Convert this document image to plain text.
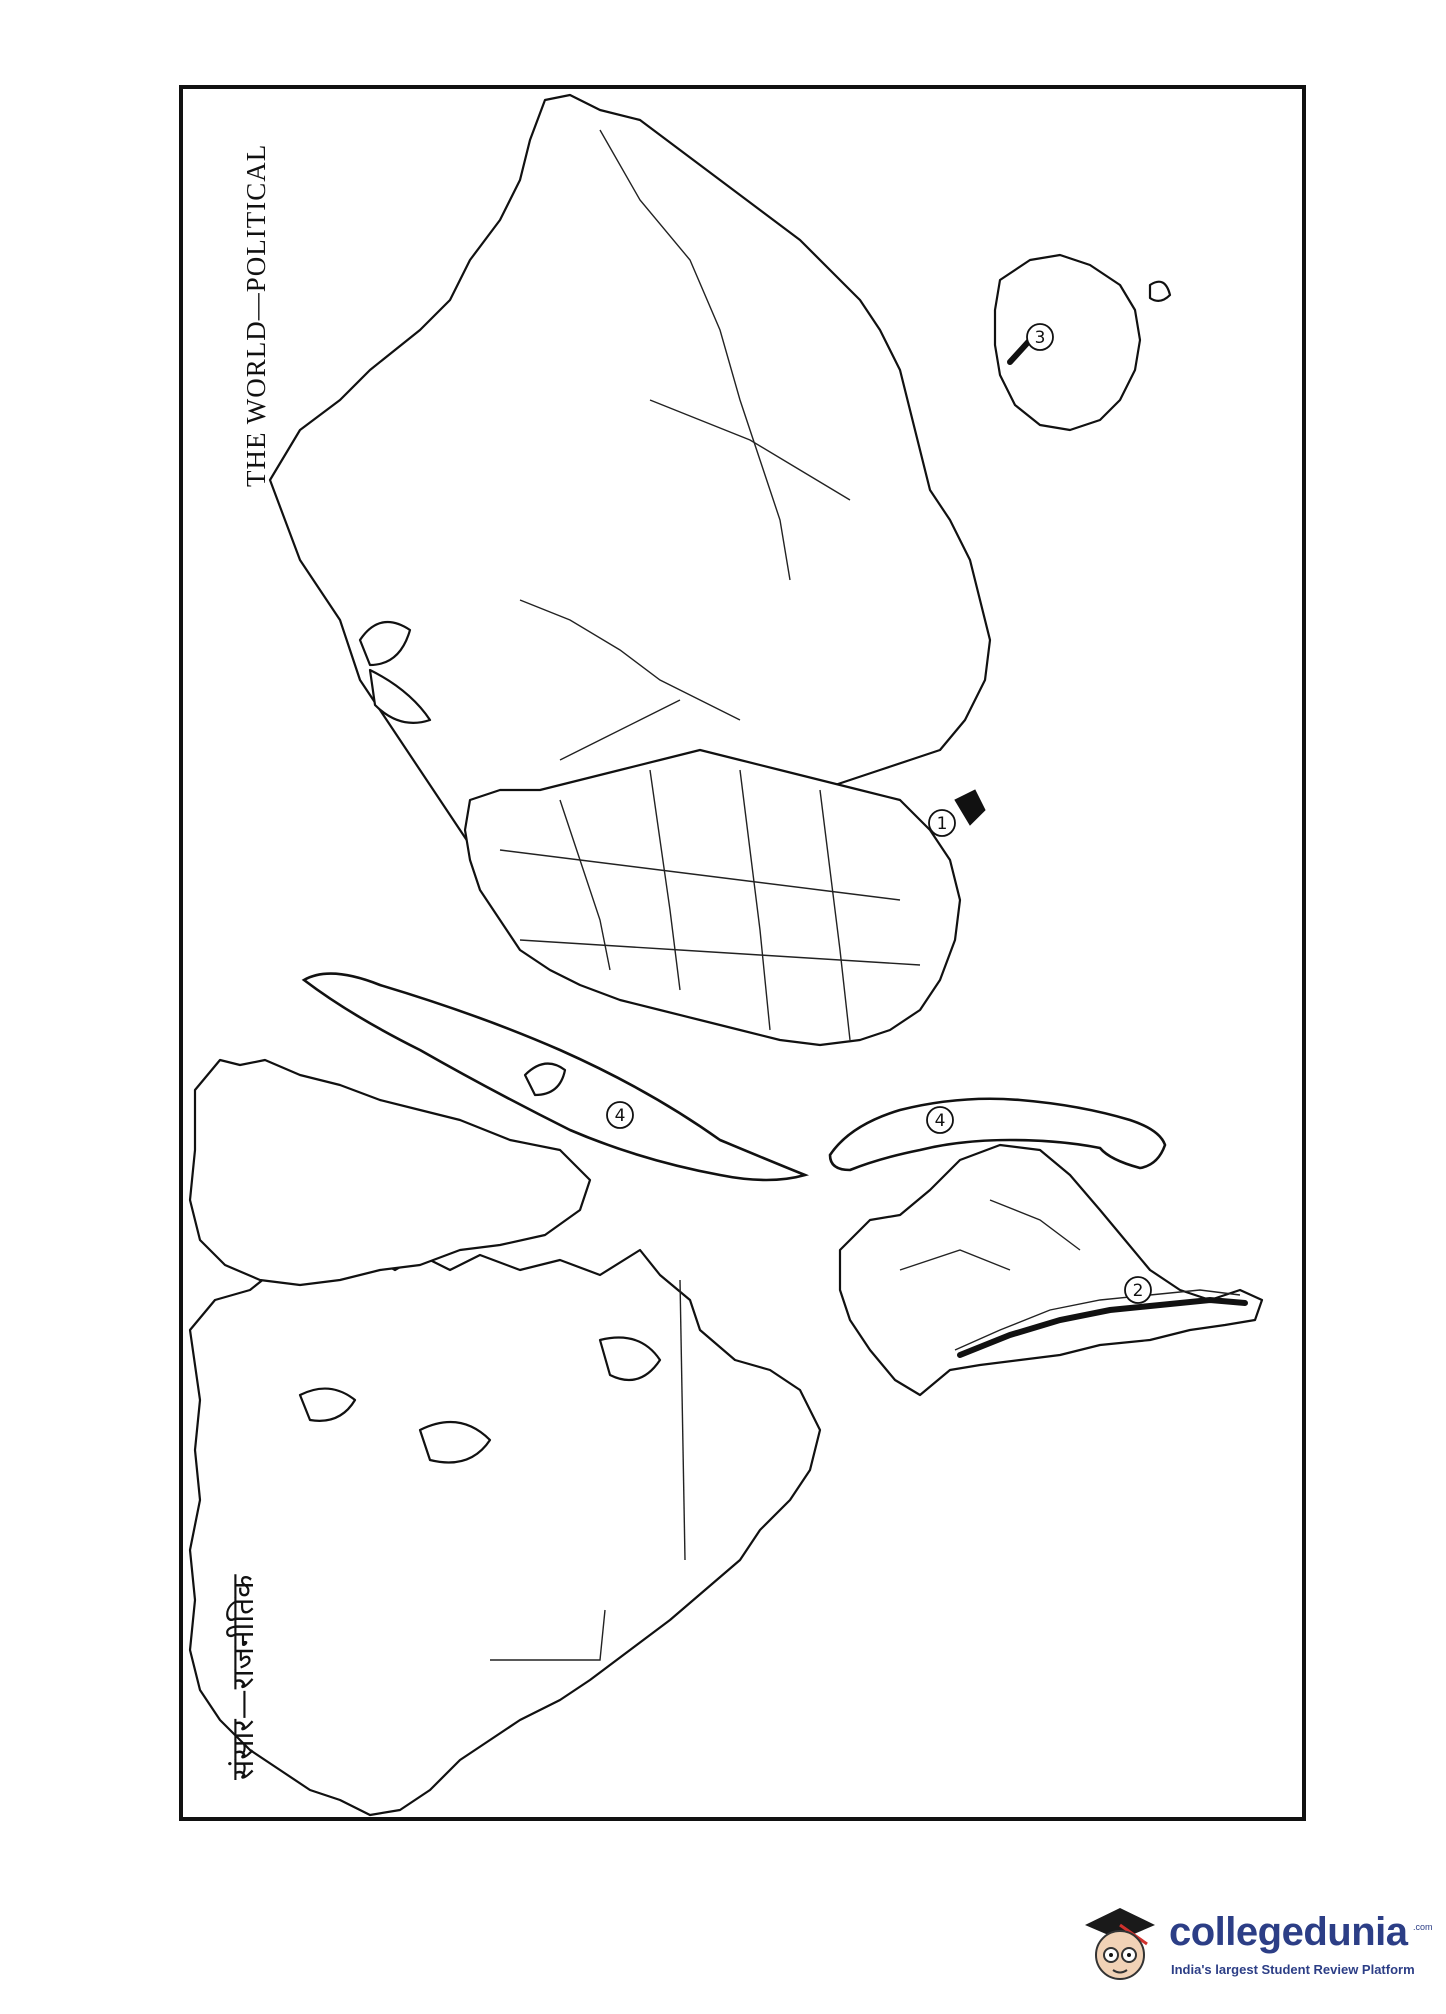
1
2
3
4	4
THE WORLD—POLITICAL
संसार—राजनीतिक
collegedunia .com
India's largest Student Review Platform
